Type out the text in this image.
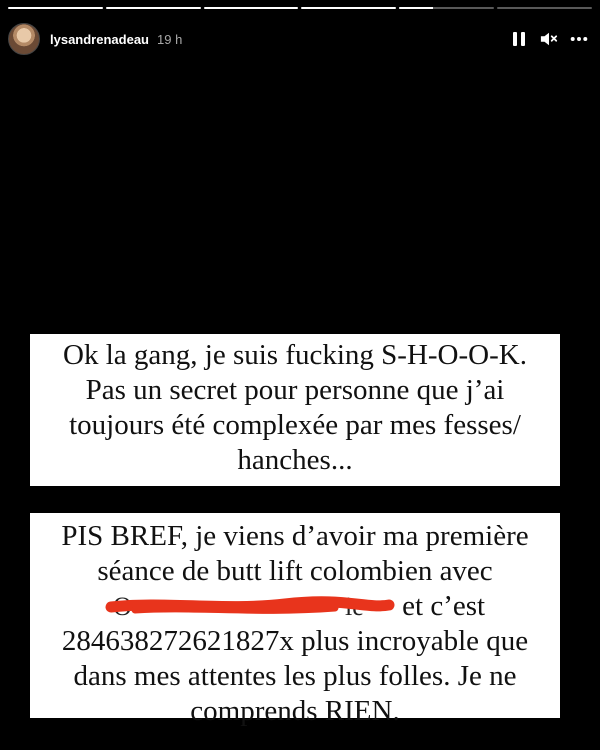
lysandrenadeau 19 h
Ok la gang, je suis fucking S-H-O-O-K.
Pas un secret pour personne que j’ai
toujours été complexée par mes fesses/
hanches...
PIS BREF, je viens d’avoir ma première
séance de butt lift colombien avec
O	ie et c’est
284638272621827x plus incroyable que
dans mes attentes les plus folles. Je ne
comprends RIEN.
